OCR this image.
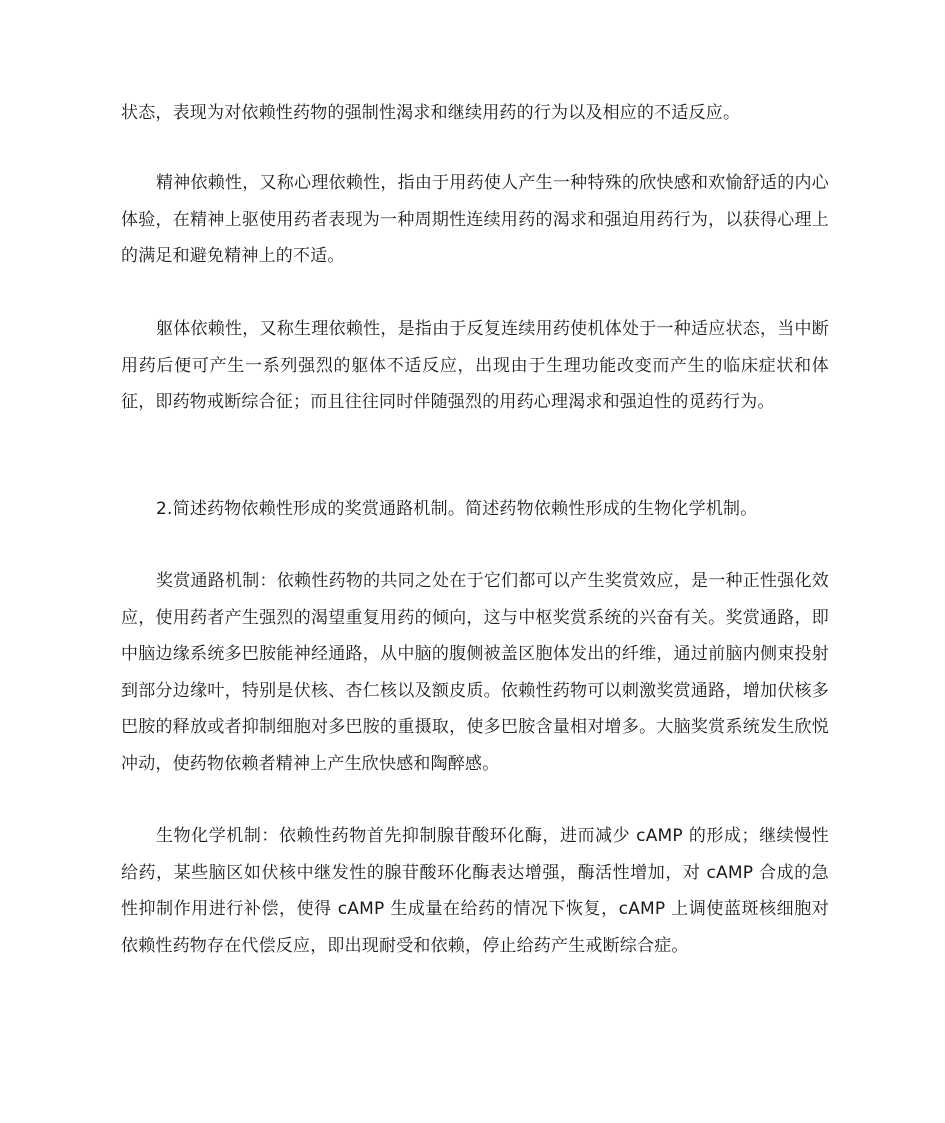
状态，表现为对依赖性药物的强制性渴求和继续用药的行为以及相应的不适反应。

精神依赖性，又称心理依赖性，指由于用药使人产生一种特殊的欣快感和欢愉舒适的内心体验，在精神上驱使用药者表现为一种周期性连续用药的渴求和强迫用药行为，以获得心理上的满足和避免精神上的不适。

躯体依赖性，又称生理依赖性，是指由于反复连续用药使机体处于一种适应状态，当中断用药后便可产生一系列强烈的躯体不适反应，出现由于生理功能改变而产生的临床症状和体征，即药物戒断综合征；而且往往同时伴随强烈的用药心理渴求和强迫性的觅药行为。

2.简述药物依赖性形成的奖赏通路机制。简述药物依赖性形成的生物化学机制。

奖赏通路机制：依赖性药物的共同之处在于它们都可以产生奖赏效应，是一种正性强化效应，使用药者产生强烈的渴望重复用药的倾向，这与中枢奖赏系统的兴奋有关。奖赏通路，即中脑边缘系统多巴胺能神经通路，从中脑的腹侧被盖区胞体发出的纤维，通过前脑内侧束投射到部分边缘叶，特别是伏核、杏仁核以及额皮质。依赖性药物可以刺激奖赏通路，增加伏核多巴胺的释放或者抑制细胞对多巴胺的重摄取，使多巴胺含量相对增多。大脑奖赏系统发生欣悦冲动，使药物依赖者精神上产生欣快感和陶醉感。

生物化学机制：依赖性药物首先抑制腺苷酸环化酶，进而减少 cAMP 的形成；继续慢性给药，某些脑区如伏核中继发性的腺苷酸环化酶表达增强，酶活性增加，对 cAMP 合成的急性抑制作用进行补偿，使得 cAMP 生成量在给药的情况下恢复，cAMP 上调使蓝斑核细胞对依赖性药物存在代偿反应，即出现耐受和依赖，停止给药产生戒断综合症。
